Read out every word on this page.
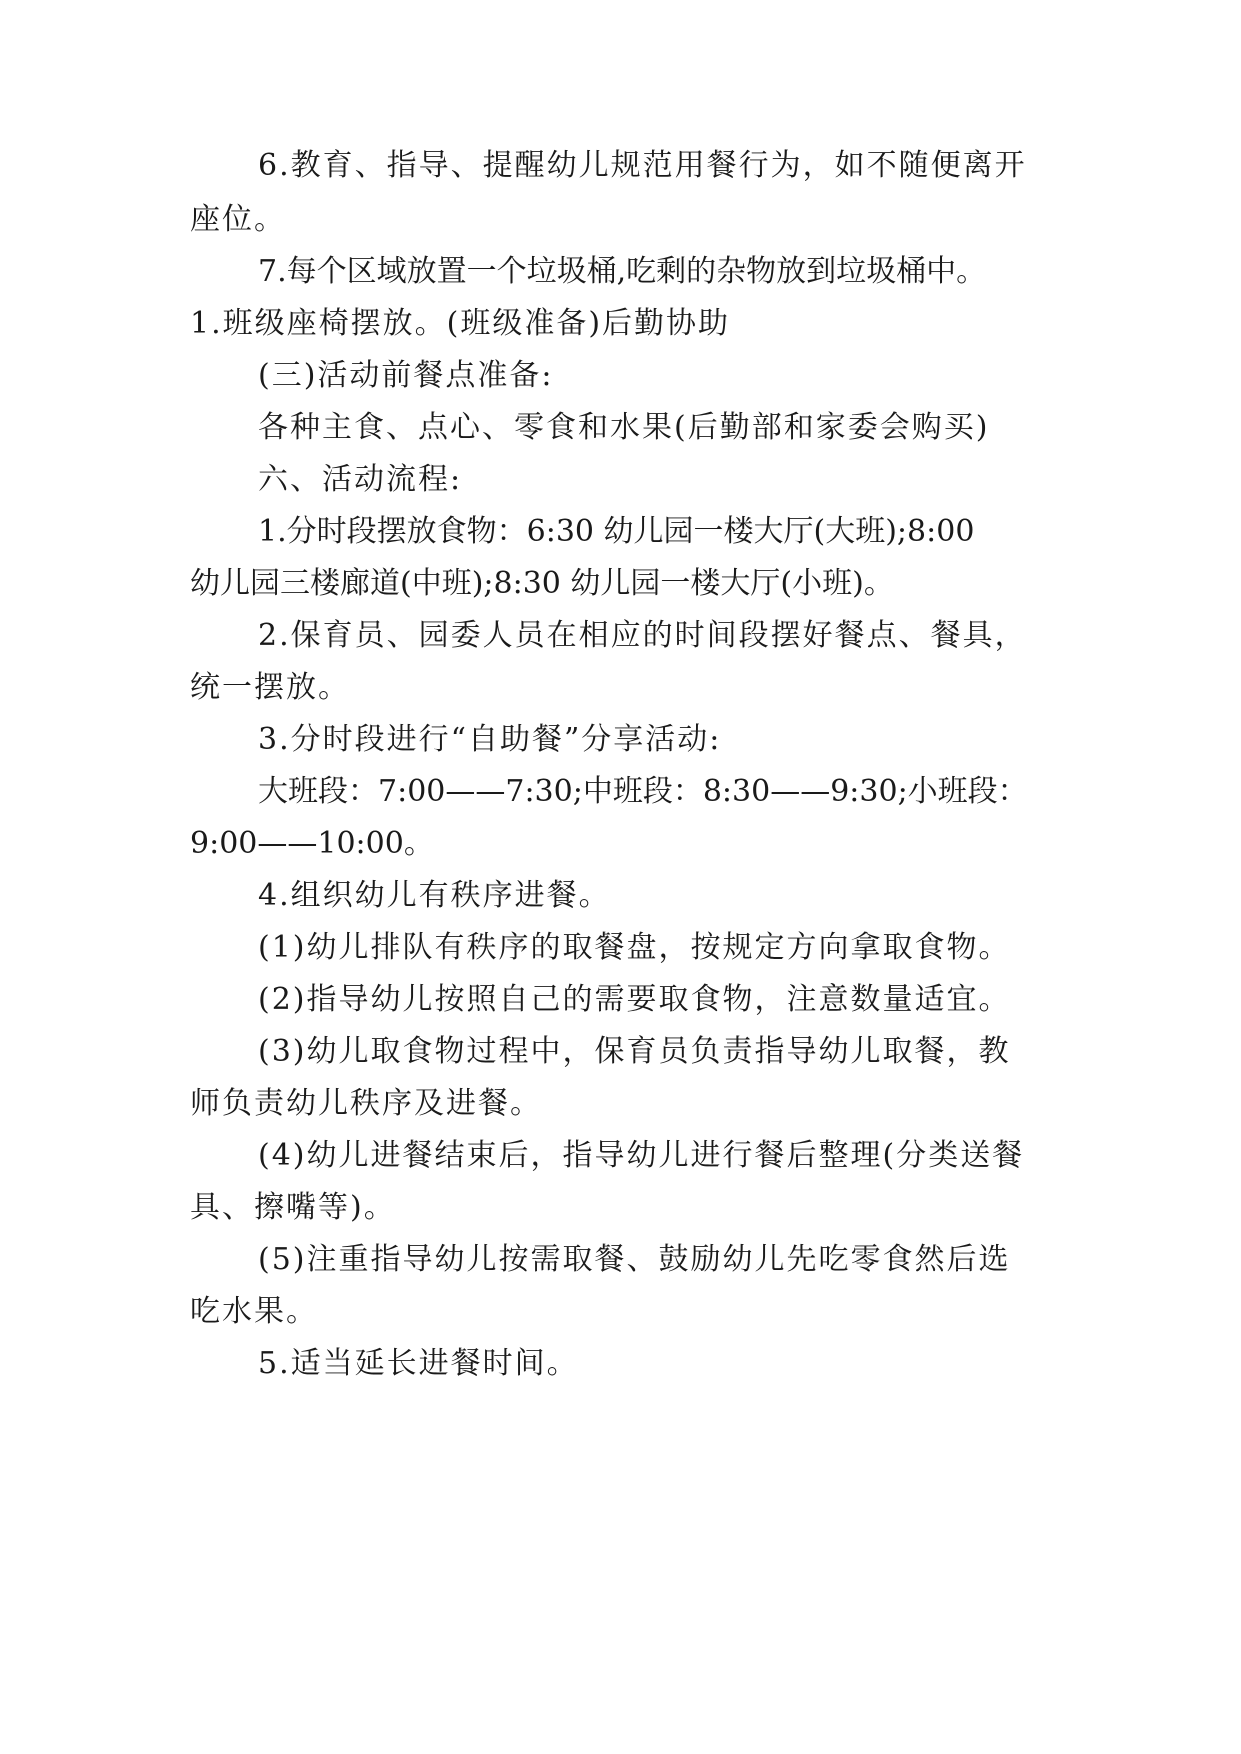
6.教育、指导、提醒幼儿规范用餐行为，如不随便离开
座位。
7.每个区域放置一个垃圾桶,吃剩的杂物放到垃圾桶中。
1.班级座椅摆放。(班级准备)后勤协助
(三)活动前餐点准备:
各种主食、点心、零食和水果(后勤部和家委会购买)
六、活动流程:
1.分时段摆放食物：6:30 幼儿园一楼大厅(大班);8:00
幼儿园三楼廊道(中班);8:30 幼儿园一楼大厅(小班)。
2.保育员、园委人员在相应的时间段摆好餐点、餐具，
统一摆放。
3.分时段进行“自助餐”分享活动:
大班段：7:00——7:30;中班段：8:30——9:30;小班段：
9:00——10:00。
4.组织幼儿有秩序进餐。
(1)幼儿排队有秩序的取餐盘，按规定方向拿取食物。
(2)指导幼儿按照自己的需要取食物，注意数量适宜。
(3)幼儿取食物过程中，保育员负责指导幼儿取餐，教
师负责幼儿秩序及进餐。
(4)幼儿进餐结束后，指导幼儿进行餐后整理(分类送餐
具、擦嘴等)。
(5)注重指导幼儿按需取餐、鼓励幼儿先吃零食然后选
吃水果。
5.适当延长进餐时间。
